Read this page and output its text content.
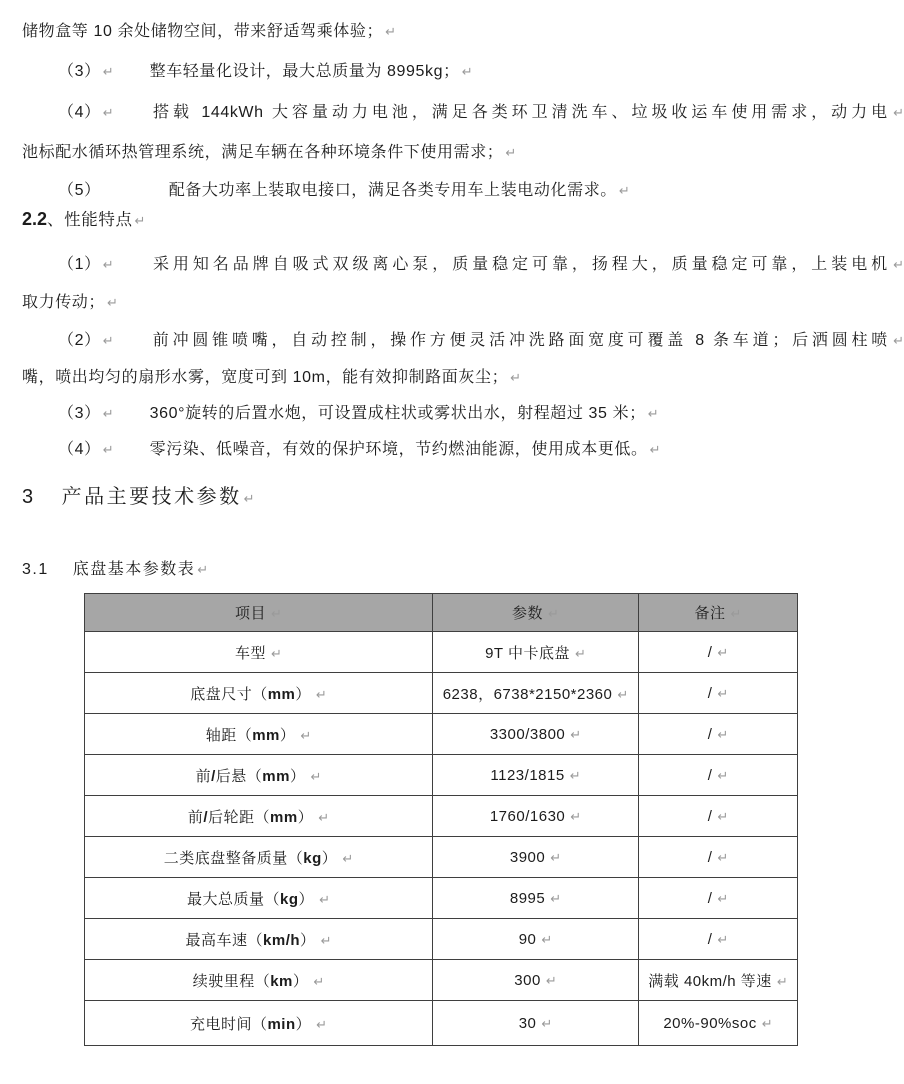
储物盒等 10 余处储物空间，带来舒适驾乘体验； ↵
（3） ↵ 整车轻量化设计，最大总质量为 8995kg； ↵
（4） ↵ 搭载 144kWh 大容量动力电池，满足各类环卫清洗车、垃圾收运车使用需求，动力电 ↵
池标配水循环热管理系统，满足车辆在各种环境条件下使用需求； ↵
（5）	配备大功率上装取电接口，满足各类专用车上装电动化需求。 ↵
2.2、性能特点 ↵
（1） ↵ 采用知名品牌自吸式双级离心泵，质量稳定可靠，扬程大，质量稳定可靠，上装电机 ↵
取力传动； ↵
（2） ↵ 前冲圆锥喷嘴，自动控制，操作方便灵活冲洗路面宽度可覆盖 8 条车道；后洒圆柱喷 ↵
嘴，喷出均匀的扇形水雾，宽度可到 10m，能有效抑制路面灰尘； ↵
（3） ↵ 360°旋转的后置水炮，可设置成柱状或雾状出水，射程超过 35 米； ↵
（4） ↵ 零污染、低噪音，有效的保护环境，节约燃油能源，使用成本更低。 ↵
3 产品主要技术参数 ↵
3.1 底盘基本参数表 ↵
项目 ↵	参数 ↵	备注 ↵
车型 ↵	9T 中卡底盘 ↵	/ ↵
底盘尺寸（mm） ↵	6238，6738*2150*2360 ↵	/ ↵
轴距（mm） ↵	3300/3800 ↵	/ ↵
前/后悬（mm） ↵	1123/1815 ↵	/ ↵
前/后轮距（mm） ↵	1760/1630 ↵	/ ↵
二类底盘整备质量（kg） ↵	3900 ↵	/ ↵
最大总质量（kg） ↵	8995 ↵	/ ↵
最高车速（km/h） ↵	90 ↵	/ ↵
续驶里程（km） ↵	300 ↵	满载 40km/h 等速 ↵
充电时间（min） ↵	30 ↵	20%-90%soc ↵
